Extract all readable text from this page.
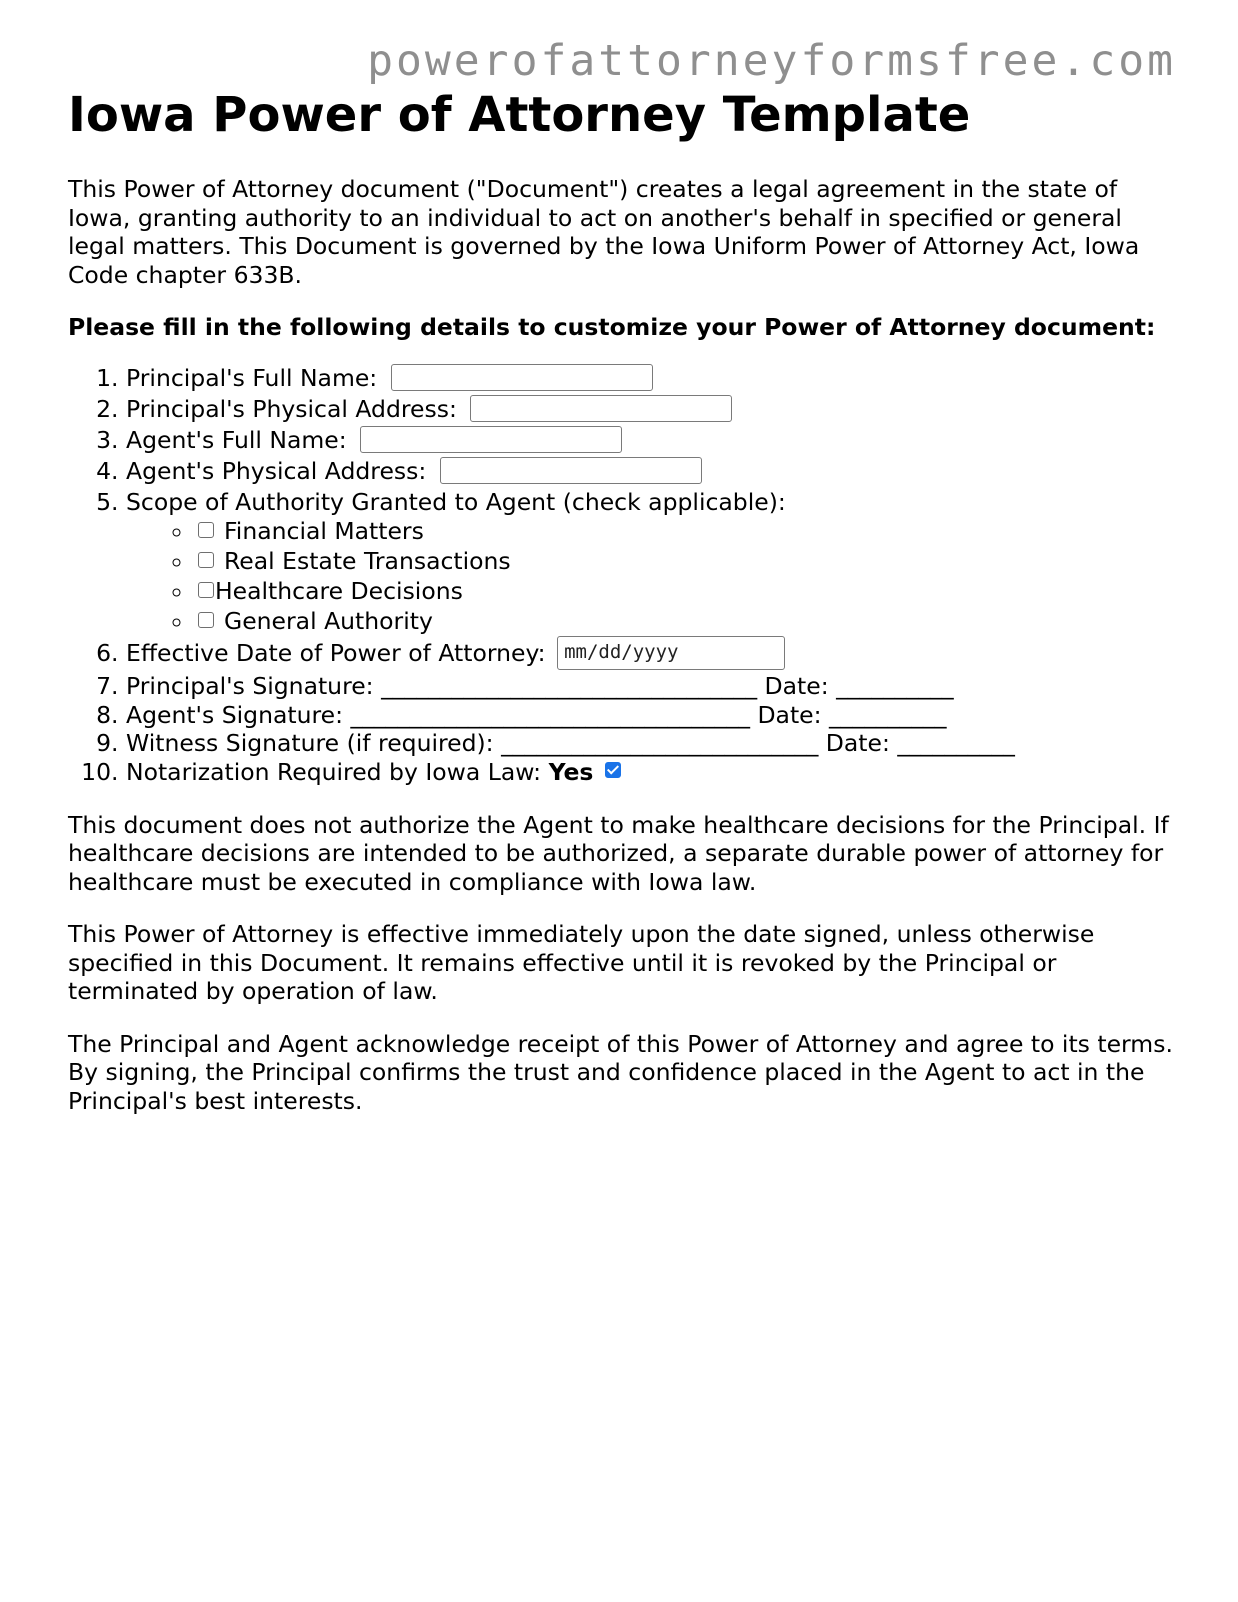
powerofattorneyformsfree.com
Iowa Power of Attorney Template

This Power of Attorney document ("Document") creates a legal agreement in the state of Iowa, granting authority to an individual to act on another's behalf in specified or general legal matters. This Document is governed by the Iowa Uniform Power of Attorney Act, Iowa Code chapter 633B.

Please fill in the following details to customize your Power of Attorney document:

1. Principal's Full Name:
2. Principal's Physical Address:
3. Agent's Full Name:
4. Agent's Physical Address:
5. Scope of Authority Granted to Agent (check applicable):
◦ Financial Matters
◦ Real Estate Transactions
◦ Healthcare Decisions
◦ General Authority
6. Effective Date of Power of Attorney: mm/dd/yyyy
7. Principal's Signature: ________________________________ Date: __________
8. Agent's Signature: __________________________________ Date: __________
9. Witness Signature (if required): ___________________________ Date: __________
10. Notarization Required by Iowa Law: Yes

This document does not authorize the Agent to make healthcare decisions for the Principal. If healthcare decisions are intended to be authorized, a separate durable power of attorney for healthcare must be executed in compliance with Iowa law.

This Power of Attorney is effective immediately upon the date signed, unless otherwise specified in this Document. It remains effective until it is revoked by the Principal or terminated by operation of law.

The Principal and Agent acknowledge receipt of this Power of Attorney and agree to its terms. By signing, the Principal confirms the trust and confidence placed in the Agent to act in the Principal's best interests.
